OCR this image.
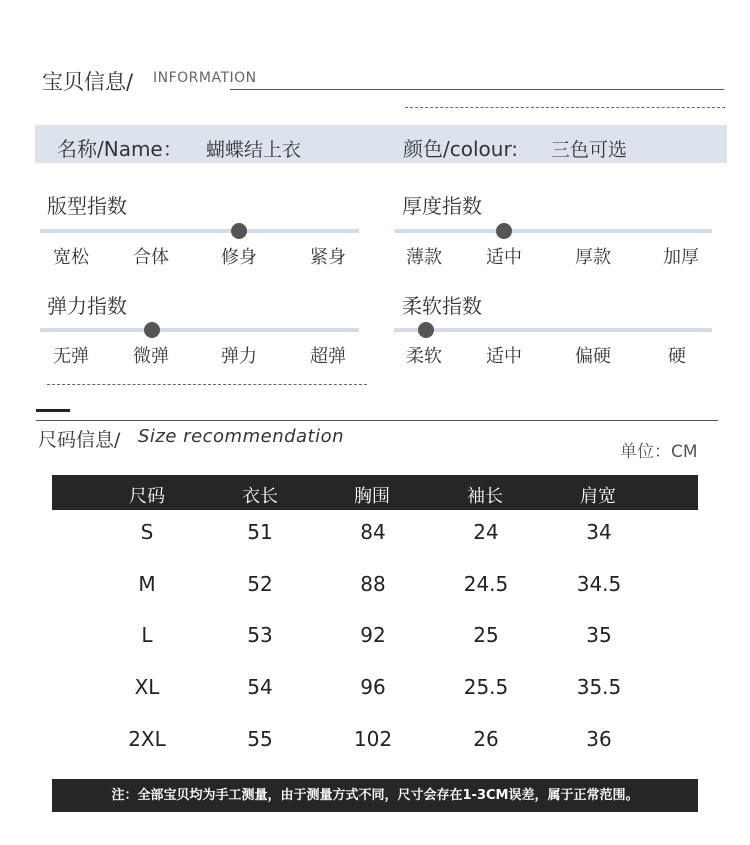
宝贝信息/ INFORMATION
名称/Name： 蝴蝶结上衣	颜色/colour: 三色可选
版型指数
宽松 合体	修身	紧身
厚度指数
薄款 适中	厚款	加厚
弹力指数
无弹 微弹	弹力	超弹
柔软指数
柔软 适中	偏硬	硬
尺码信息/ Size recommendation
单位：CM
尺码	衣长	胸围	袖长	肩宽
S	51	84	24	34
M	52	88	24.5	34.5
L	53	92	25	35
XL	54	96	25.5	35.5
2XL	55	102	26	36
注：全部宝贝均为手工测量，由于测量方式不同，尺寸会存在1-3CM误差，属于正常范围。
